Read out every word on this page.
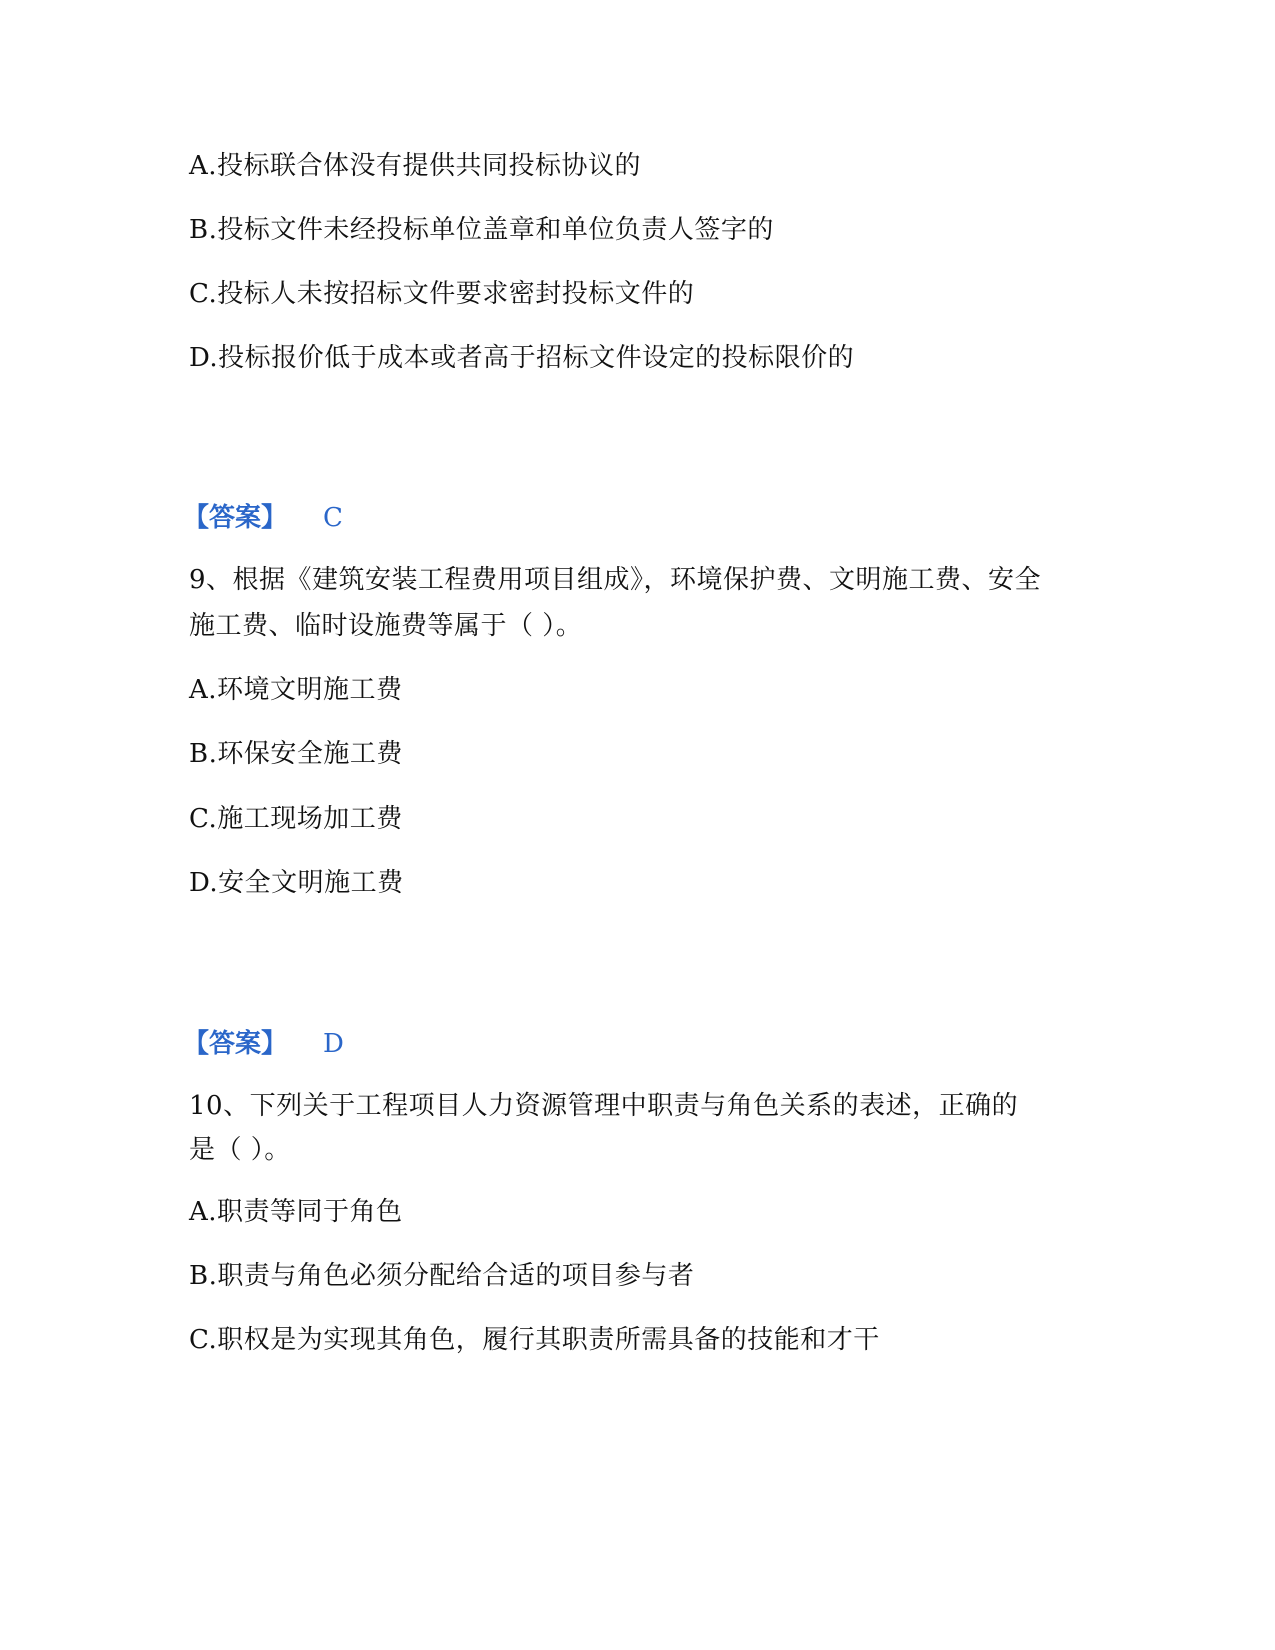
A.投标联合体没有提供共同投标协议的
B.投标文件未经投标单位盖章和单位负责人签字的
C.投标人未按招标文件要求密封投标文件的
D.投标报价低于成本或者高于招标文件设定的投标限价的
【答案】 C
9、根据《建筑安装工程费用项目组成》，环境保护费、文明施工费、安全
施工费、临时设施费等属于（ ）。
A.环境文明施工费
B.环保安全施工费
C.施工现场加工费
D.安全文明施工费
【答案】 D
10、下列关于工程项目人力资源管理中职责与角色关系的表述，正确的
是（ ）。
A.职责等同于角色
B.职责与角色必须分配给合适的项目参与者
C.职权是为实现其角色，履行其职责所需具备的技能和才干
